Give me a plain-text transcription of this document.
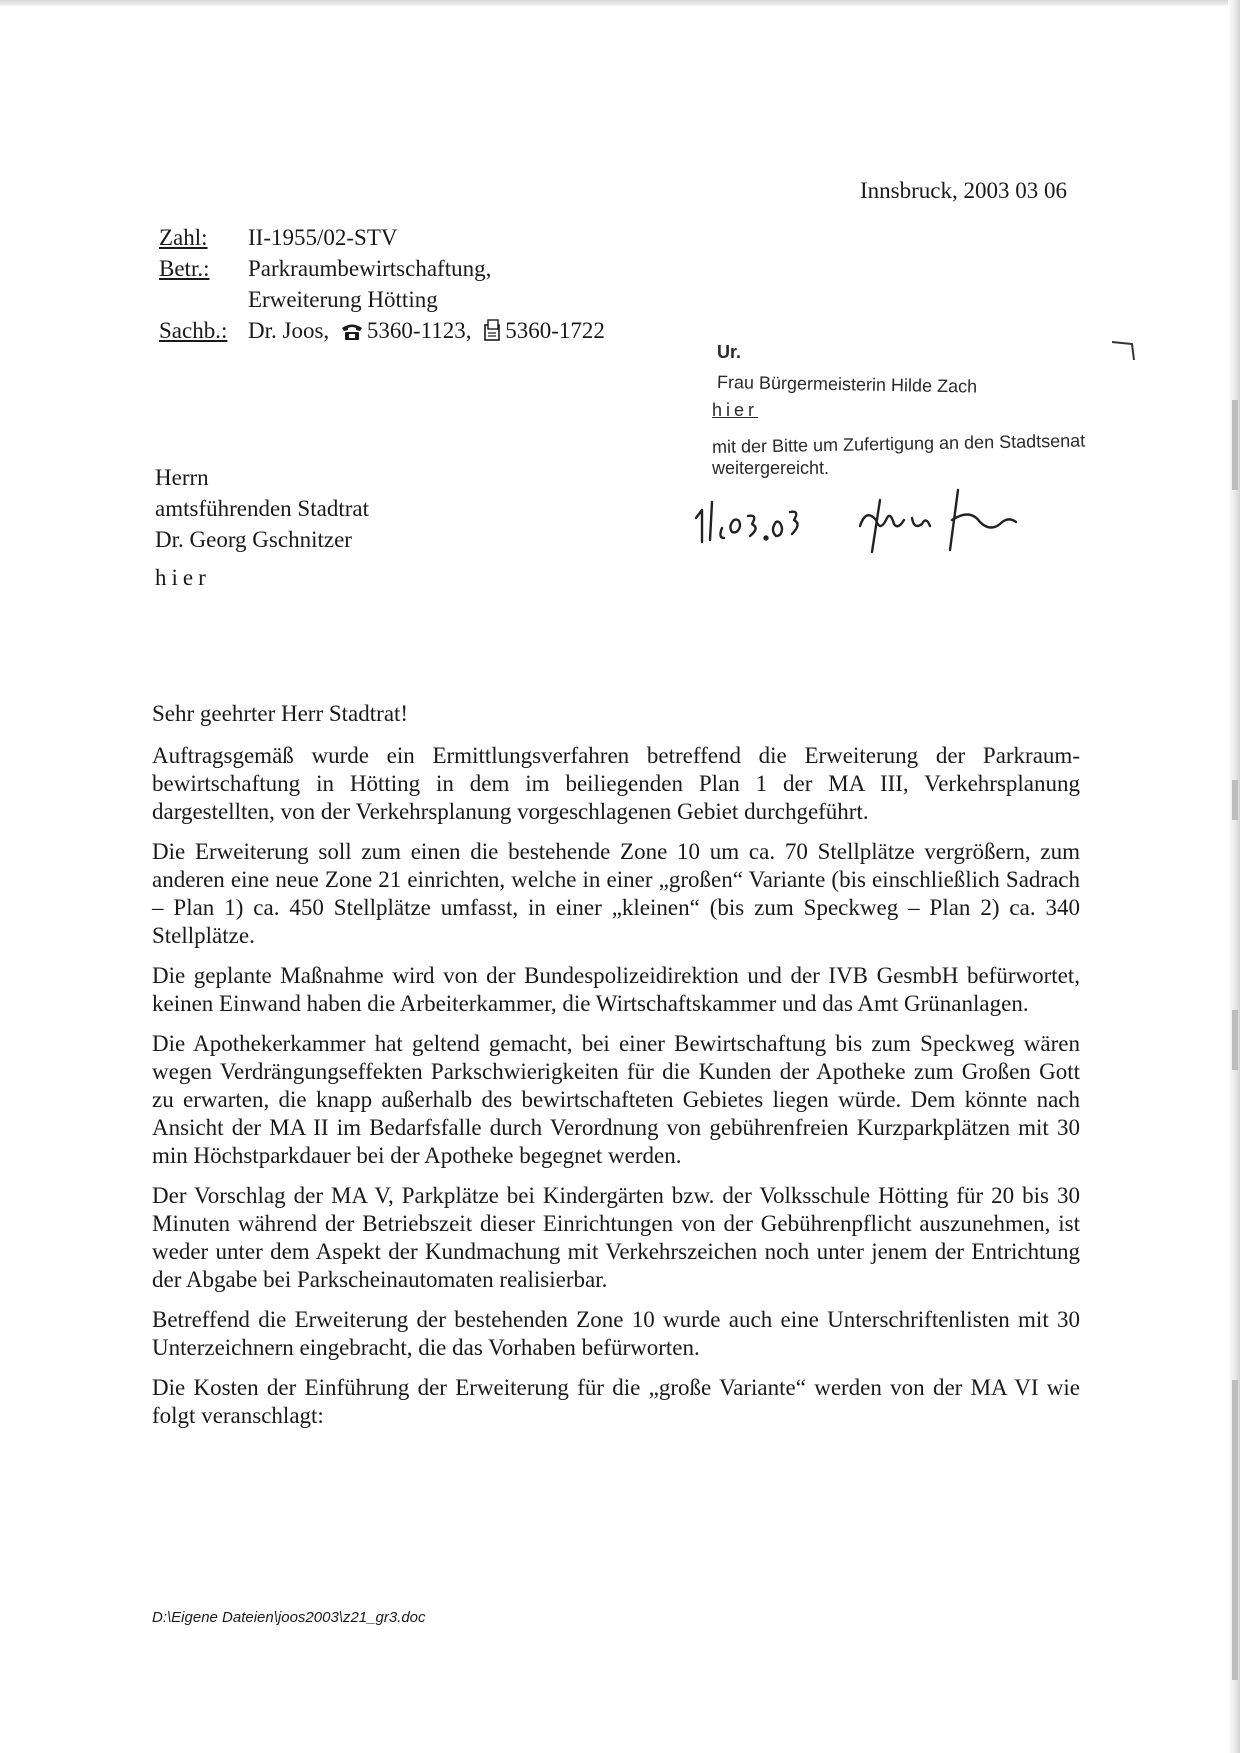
Innsbruck, 2003 03 06
Zahl: II-1955/02-STV
Betr.: Parkraumbewirtschaftung,
Erweiterung Hötting
Sachb.: Dr. Joos, 5360-1123, 5360-1722
Herrn
amtsführenden Stadtrat
Dr. Georg Gschnitzer
hier
Ur.
Frau Bürgermeisterin Hilde Zach
hier
mit der Bitte um Zufertigung an den Stadtsenat
weitergereicht.

Sehr geehrter Herr Stadtrat!

Auftragsgemäß wurde ein Ermittlungsverfahren betreffend die Erweiterung der Parkraumbewirtschaftung in Hötting in dem im beiliegenden Plan 1 der MA III, Verkehrsplanung dargestellten, von der Verkehrsplanung vorgeschlagenen Gebiet durchgeführt.

Die Erweiterung soll zum einen die bestehende Zone 10 um ca. 70 Stellplätze vergrößern, zum anderen eine neue Zone 21 einrichten, welche in einer „großen“ Variante (bis einschließlich Sadrach – Plan 1) ca. 450 Stellplätze umfasst, in einer „kleinen“ (bis zum Speckweg – Plan 2) ca. 340 Stellplätze.

Die geplante Maßnahme wird von der Bundespolizeidirektion und der IVB GesmbH befürwortet, keinen Einwand haben die Arbeiterkammer, die Wirtschaftskammer und das Amt Grünanlagen.

Die Apothekerkammer hat geltend gemacht, bei einer Bewirtschaftung bis zum Speckweg wären wegen Verdrängungseffekten Parkschwierigkeiten für die Kunden der Apotheke zum Großen Gott zu erwarten, die knapp außerhalb des bewirtschafteten Gebietes liegen würde. Dem könnte nach Ansicht der MA II im Bedarfsfalle durch Verordnung von gebührenfreien Kurzparkplätzen mit 30 min Höchstparkdauer bei der Apotheke begegnet werden.

Der Vorschlag der MA V, Parkplätze bei Kindergärten bzw. der Volksschule Hötting für 20 bis 30 Minuten während der Betriebszeit dieser Einrichtungen von der Gebührenpflicht auszunehmen, ist weder unter dem Aspekt der Kundmachung mit Verkehrszeichen noch unter jenem der Entrichtung der Abgabe bei Parkscheinautomaten realisierbar.

Betreffend die Erweiterung der bestehenden Zone 10 wurde auch eine Unterschriftenlisten mit 30 Unterzeichnern eingebracht, die das Vorhaben befürworten.

Die Kosten der Einführung der Erweiterung für die „große Variante“ werden von der MA VI wie folgt veranschlagt:

D:\Eigene Dateien\joos2003\z21_gr3.doc
